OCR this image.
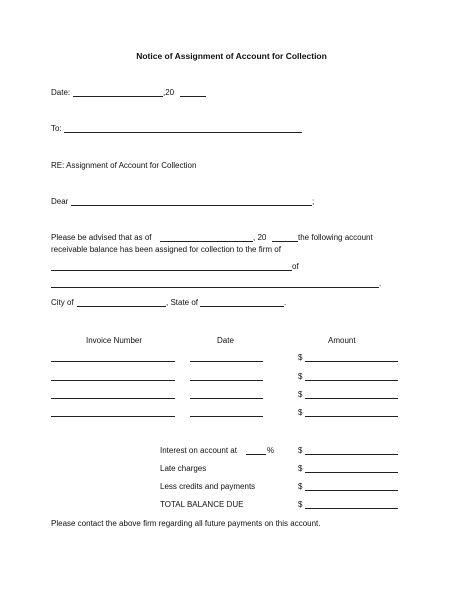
Notice of Assignment of Account for Collection
Date:	,20
To:
RE: Assignment of Account for Collection
Dear	;
Please be advised that as of	, 20	the following account
receivable balance has been assigned for collection to the firm of
of
.
City of	, State of	.
Invoice Number	Date	Amount
$
$
$
$
Interest on account at	%	$
Late charges	$
Less credits and payments	$
TOTAL BALANCE DUE	$
Please contact the above firm regarding all future payments on this account.
